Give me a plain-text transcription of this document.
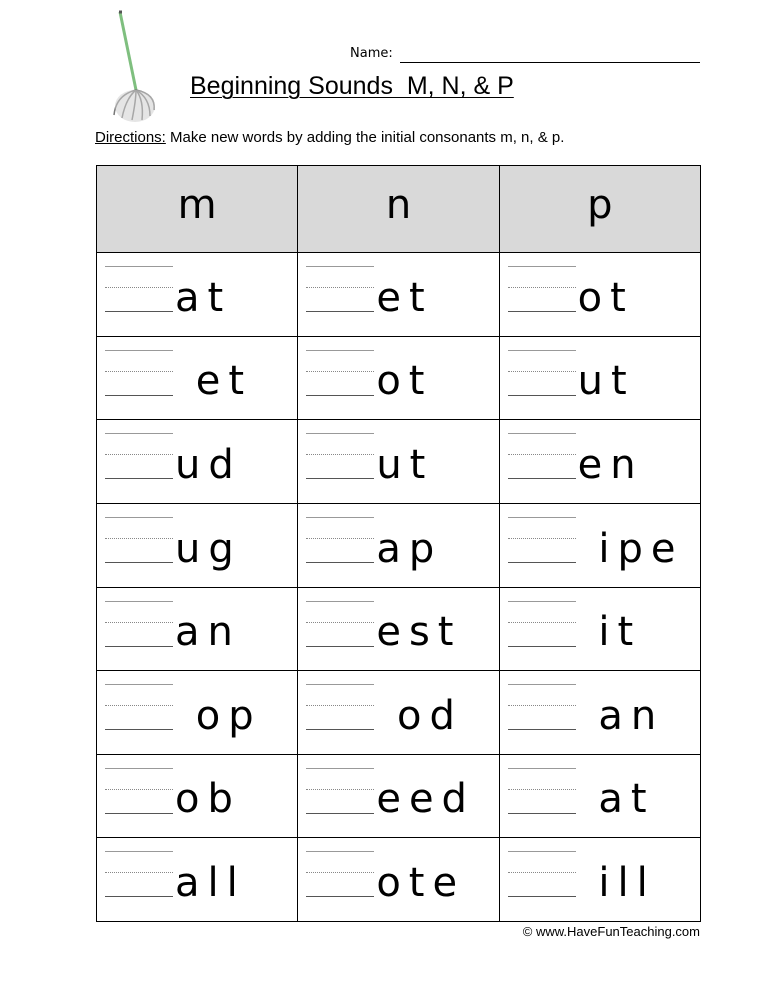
Name:
Beginning Sounds  M, N, & P
Directions: Make new words by adding the initial consonants m, n, & p.
m	n	p

at	et	ot

et	ot	ut

ud	ut	en

ug	ap	ipe

an	est	it

op	od	an

ob	eed	at

all	ote	ill
© www.HaveFunTeaching.com
